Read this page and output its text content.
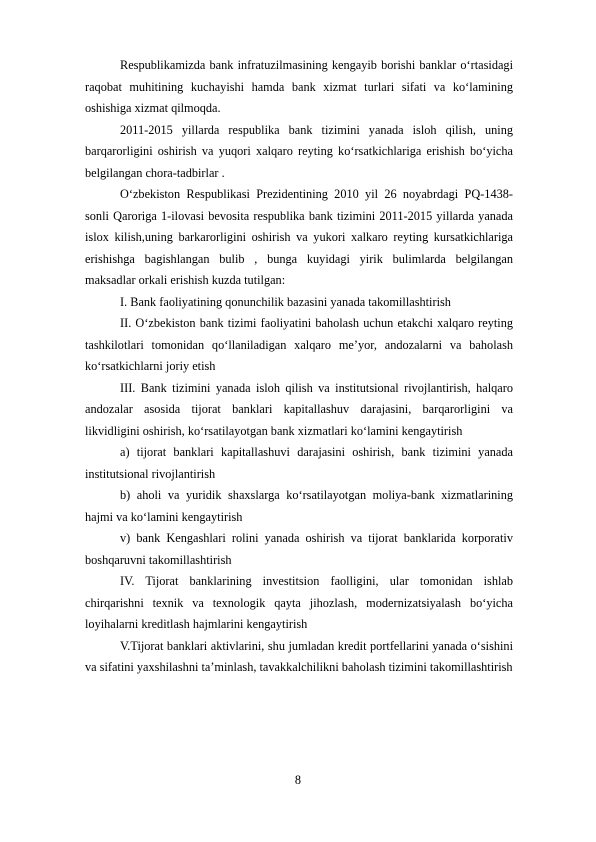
Respublikamizda bank infratuzilmasining kengayib borishi banklar o‘rtasidagi raqobat muhitining kuchayishi hamda bank xizmat turlari sifati va ko‘lamining oshishiga xizmat qilmoqda.

2011-2015 yillarda respublika bank tizimini yanada isloh qilish, uning barqarorligini oshirish va yuqori xalqaro reyting ko‘rsatkichlariga erishish bo‘yicha belgilangan chora-tadbirlar .

O‘zbekiston Respublikasi Prezidentining 2010 yil 26 noyabrdagi PQ-1438-sonli Qaroriga 1-ilovasi bevosita respublika bank tizimini 2011-2015 yillarda yanada islox kilish,uning barkarorligini oshirish va yukori xalkaro reyting kursatkichlariga erishishga bagishlangan bulib , bunga kuyidagi yirik bulimlarda belgilangan maksadlar orkali erishish kuzda tutilgan:

I. Bank faoliyatining qonunchilik bazasini yanada takomillashtirish

II. O‘zbekiston bank tizimi faoliyatini baholash uchun etakchi xalqaro reyting tashkilotlari tomonidan qo‘llaniladigan xalqaro me’yor, andozalarni va baholash ko‘rsatkichlarni joriy etish

III. Bank tizimini yanada isloh qilish va institutsional rivojlantirish, halqaro andozalar asosida tijorat banklari kapitallashuv darajasini, barqarorligini va likvidligini oshirish, ko‘rsatilayotgan bank xizmatlari ko‘lamini kengaytirish

a) tijorat banklari kapitallashuvi darajasini oshirish, bank tizimini yanada institutsional rivojlantirish

b) aholi va yuridik shaxslarga ko‘rsatilayotgan moliya-bank xizmatlarining hajmi va ko‘lamini kengaytirish

v) bank Kengashlari rolini yanada oshirish va tijorat banklarida korporativ boshqaruvni takomillashtirish

IV. Tijorat banklarining investitsion faolligini, ular tomonidan ishlab chirqarishni texnik va texnologik qayta jihozlash, modernizatsiyalash bo‘yicha loyihalarni kreditlash hajmlarini kengaytirish

V.Tijorat banklari aktivlarini, shu jumladan kredit portfellarini yanada o‘sishini va sifatini yaxshilashni ta’minlash, tavakkalchilikni baholash tizimini takomillashtirish

8
